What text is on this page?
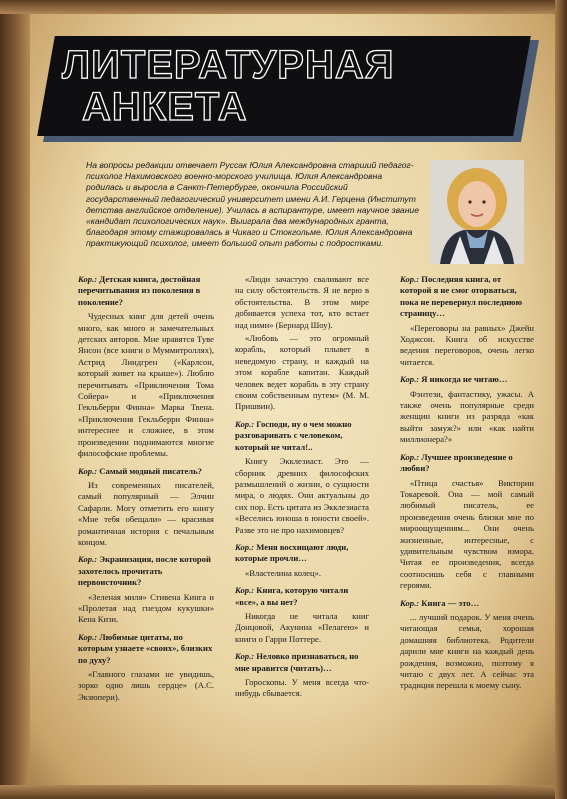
ЛИТЕРАТУРНАЯ
АНКЕТА

На вопросы редакции отвечает Руссак Юлия Александровна старший педагог-психолог Нахимовского военно-морского училища. Юлия Александровна родилась и выросла в Санкт-Петербурге, окончила Российский государственный педагогический университет имени А.И. Герцена (Институт детства английское отделение). Училась в аспирантуре, имеет научное звание «кандидат психологических наук». Выиграла два международных гранта, благодаря этому стажировалась в Чикаго и Стокгольме. Юлия Александровна практикующий психолог, имеет большой опыт работы с подростками.

Кор.: Детская книга, достойная перечитывания из поколения в поколение?

Чудесных книг для детей очень много, как много и замечательных детских авторов. Мне нравятся Туве Янсон (все книги о Муммитроллях), Астрид Линдгрен («Карлсон, который живет на крыше»). Люблю перечитывать «Приключения Тома Сойера» и «Приключения Гекльберри Финна» Марка Твена. «Приключения Гекльберри Финна» интереснее и сложнее, в этом произведении поднимаются многие философские проблемы.

Кор.: Самый модный писатель?

Из современных писателей, самый популярный — Элчин Сафарли. Могу отметить его книгу «Мне тебя обещали» — красивая романтичная история с печальным концом.

Кор.: Экранизация, после которой захотелось прочитать первоисточник?

«Зеленая миля» Стивена Кинга и «Пролетая над гнездом кукушки» Кена Кизи.

Кор.: Любимые цитаты, по которым узнаете «своих», близких по духу?

«Главного глазами не увидишь, зорко одно лишь сердце» (А.С. Экзюпери).

«Люди зачастую сваливают все на силу обстоятельств. Я не верю в обстоятельства. В этом мире добивается успеха тот, кто встает над ними» (Бернард Шоу).

«Любовь — это огромный корабль, который плывет в неведомую страну, и каждый на этом корабле капитан. Каждый человек ведет корабль в эту страну своим собственным путем» (М. М. Пришвин).

Кор.: Господи, ну о чем можно разговаривать с человеком, который не читал!..

Книгу Экклезиаст. Это — сборник древних философских размышлений о жизни, о сущности мира, о людях. Они актуальны до сих пор. Есть цитата из Экклезиаста «Веселись юноша в юности своей». Разве это не про нахимовцев?

Кор.: Меня восхищают люди, которые прочли…

«Властелина колец».

Кор.: Книга, которую читали «все», а вы нет?

Никогда не читала книг Донцовой, Акунина «Пелагею» и книги о Гарри Поттере.

Кор.: Неловко признаваться, но мне нравится (читать)…

Гороскопы. У меня всегда что-нибудь сбывается.

Кор.: Последняя книга, от которой я не смог оторваться, пока не перевернул последнюю страницу…

«Переговоры на равных» Джейн Ходжсон. Книга об искусстве ведения переговоров, очень легко читается.

Кор.: Я никогда не читаю…

Фэнтези, фантастику, ужасы. А также очень популярные среди женщин книги из разряда «как выйти замуж?» или «как найти миллионера?»

Кор.: Лучшее произведение о любви?

«Птица счастья» Виктории Токаревой. Она — мой самый любимый писатель, ее произведения очень близки мне по мироощущениям... Они очень жизненные, интересные, с удивительным чувством юмора. Читая ее произведения, всегда соотносишь себя с главными героями.

Кор.: Книга — это…

... лучший подарок. У меня очень читающая семья, хорошая домашняя библиотека. Родители дарили мне книги на каждый день рождения, возможно, поэтому я читаю с двух лет. А сейчас эта традиция перешла к моему сыну.
